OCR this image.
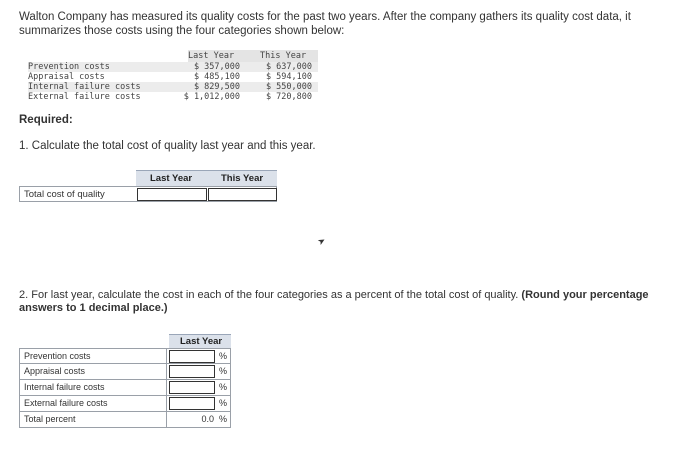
Walton Company has measured its quality costs for the past two years. After the company gathers its quality cost data, it summarizes those costs using the four categories shown below:
Last Year	This Year
Prevention costs	$ 357,000	$ 637,000
Appraisal costs	$ 485,100	$ 594,100
Internal failure costs	$ 829,500	$ 550,000
External failure costs	$ 1,012,000	$ 720,800
Required:
1. Calculate the total cost of quality last year and this year.
Last Year	This Year
Total cost of quality
➤
2. For last year, calculate the cost in each of the four categories as a percent of the total cost of quality. (Round your percentage answers to 1 decimal place.)
Last Year
Prevention costs	%
Appraisal costs	%
Internal failure costs	%
External failure costs	%
Total percent	0.0 %
